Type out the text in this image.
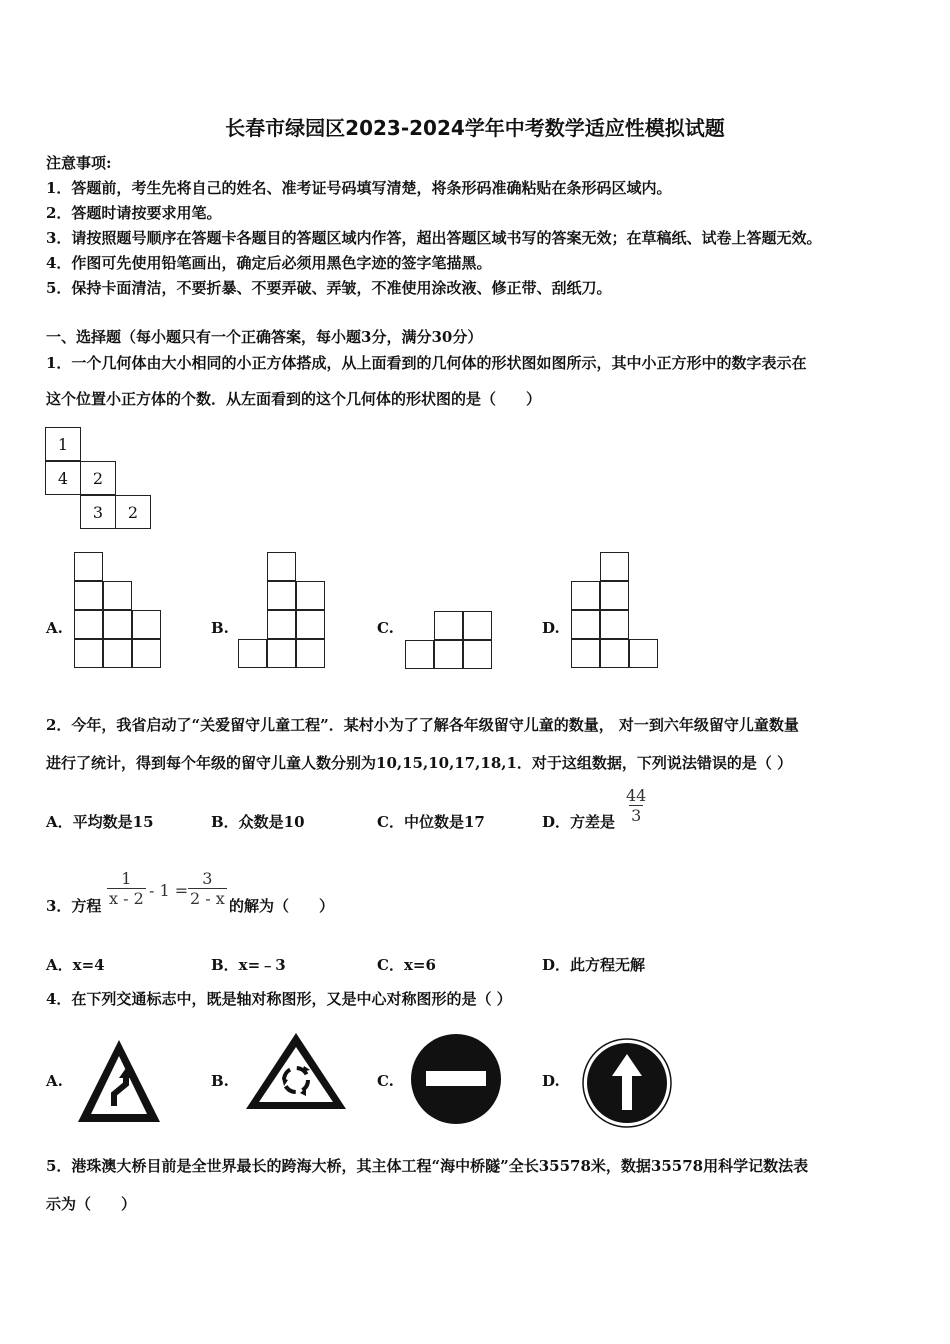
长春市绿园区2023-2024学年中考数学适应性模拟试题
注意事项:
1．答题前，考生先将自己的姓名、准考证号码填写清楚，将条形码准确粘贴在条形码区域内。
2．答题时请按要求用笔。
3．请按照题号顺序在答题卡各题目的答题区域内作答，超出答题区域书写的答案无效；在草稿纸、试卷上答题无效。
4．作图可先使用铅笔画出，确定后必须用黑色字迹的签字笔描黑。
5．保持卡面清洁，不要折暴、不要弄破、弄皱，不准使用涂改液、修正带、刮纸刀。
一、选择题（每小题只有一个正确答案，每小题3分，满分30分）
1．一个几何体由大小相同的小正方体搭成，从上面看到的几何体的形状图如图所示，其中小正方形中的数字表示在
这个位置小正方体的个数．从左面看到的这个几何体的形状图的是（　　）
1
4	2
3	2
A.	B.	C.	D.
2．今年，我省启动了“关爱留守儿童工程”．某村小为了了解各年级留守儿童的数量， 对一到六年级留守儿童数量
进行了统计，得到每个年级的留守儿童人数分别为10,15,10,17,18,1．对于这组数据，下列说法错误的是（ ）
A．平均数是15	B．众数是10	C．中位数是17	D．方差是 $\frac{44}{3}$
3．方程 $\frac{1}{x - 2} - 1 = \frac{3}{2 - x}$ 的解为（　　）
A．x=4	B．x=﹣3	C．x=6	D．此方程无解
4．在下列交通标志中，既是轴对称图形，又是中心对称图形的是（ ）
A.	B.	C.	D.
5．港珠澳大桥目前是全世界最长的跨海大桥，其主体工程“海中桥隧”全长35578米，数据35578用科学记数法表
示为（　　）
